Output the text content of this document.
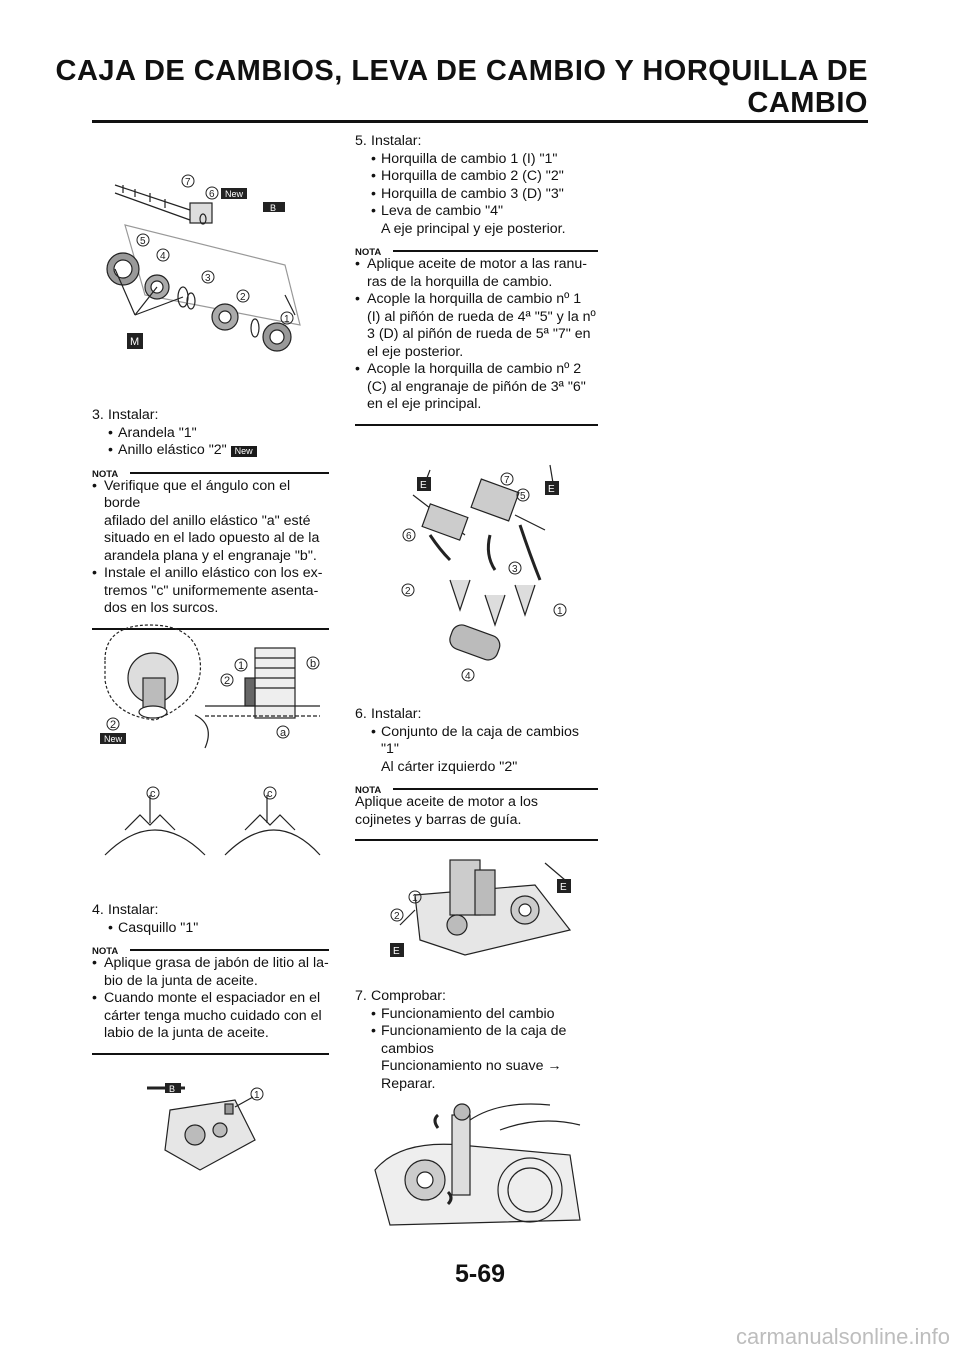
CAJA DE CAMBIOS, LEVA DE CAMBIO Y HORQUILLA DE
CAMBIO
7
6 New
B
5
4
3
2
1
M

3. Instalar:

• Arandela "1"

• Anillo elástico "2" New

NOTA

• Verifique que el ángulo con el borde

afilado del anillo elástico "a" esté

situado en el lado opuesto al de la

arandela plana y el engranaje "b".

• Instale el anillo elástico con los ex-

tremos "c" uniformemente asenta-

dos en los surcos.

1
2
b
a
2
New
c	c

4. Instalar:

• Casquillo "1"

NOTA

• Aplique grasa de jabón de litio al la-

bio de la junta de aceite.

• Cuando monte el espaciador en el

cárter tenga mucho cuidado con el

labio de la junta de aceite.

B
1

5. Instalar:

• Horquilla de cambio 1 (I) "1"

• Horquilla de cambio 2 (C) "2"

• Horquilla de cambio 3 (D) "3"

• Leva de cambio "4"

A eje principal y eje posterior.

NOTA

• Aplique aceite de motor a las ranu-

ras de la horquilla de cambio.

• Acople la horquilla de cambio nº 1

(I) al piñón de rueda de 4ª "5" y la nº

3 (D) al piñón de rueda de 5ª "7" en

el eje posterior.

• Acople la horquilla de cambio nº 2

(C) al engranaje de piñón de 3ª "6"

en el eje principal.

E	E
7
5
6
3
2
1
4

6. Instalar:

• Conjunto de la caja de cambios

"1"

Al cárter izquierdo "2"

NOTA

Aplique aceite de motor a los

cojinetes y barras de guía.

1
2
E
E

7. Comprobar:

• Funcionamiento del cambio

• Funcionamiento de la caja de

cambios

Funcionamiento no suave →

Reparar.

5-69
carmanualsonline.info
